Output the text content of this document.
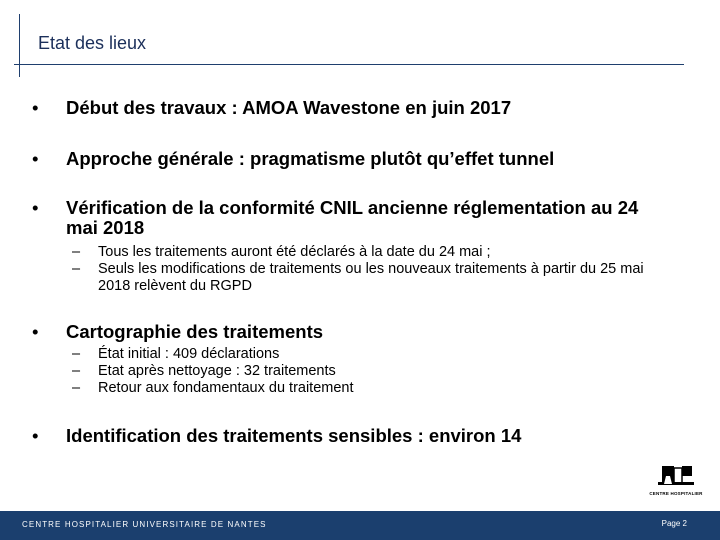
Etat des lieux
• Début des travaux : AMOA Wavestone en juin 2017
• Approche générale : pragmatisme plutôt qu’effet tunnel
• Vérification de la conformité CNIL ancienne réglementation au 24 mai 2018
– Tous les traitements auront été déclarés à la date du 24 mai ;
– Seuls les modifications de traitements ou les nouveaux traitements à partir du 25 mai 2018 relèvent du RGPD
• Cartographie des traitements
– État initial : 409 déclarations
– Etat après nettoyage : 32 traitements
– Retour aux fondamentaux du traitement
• Identification des traitements sensibles : environ 14
CENTRE HOSPITALIER
CENTRE HOSPITALIER UNIVERSITAIRE DE NANTES	Page 2
